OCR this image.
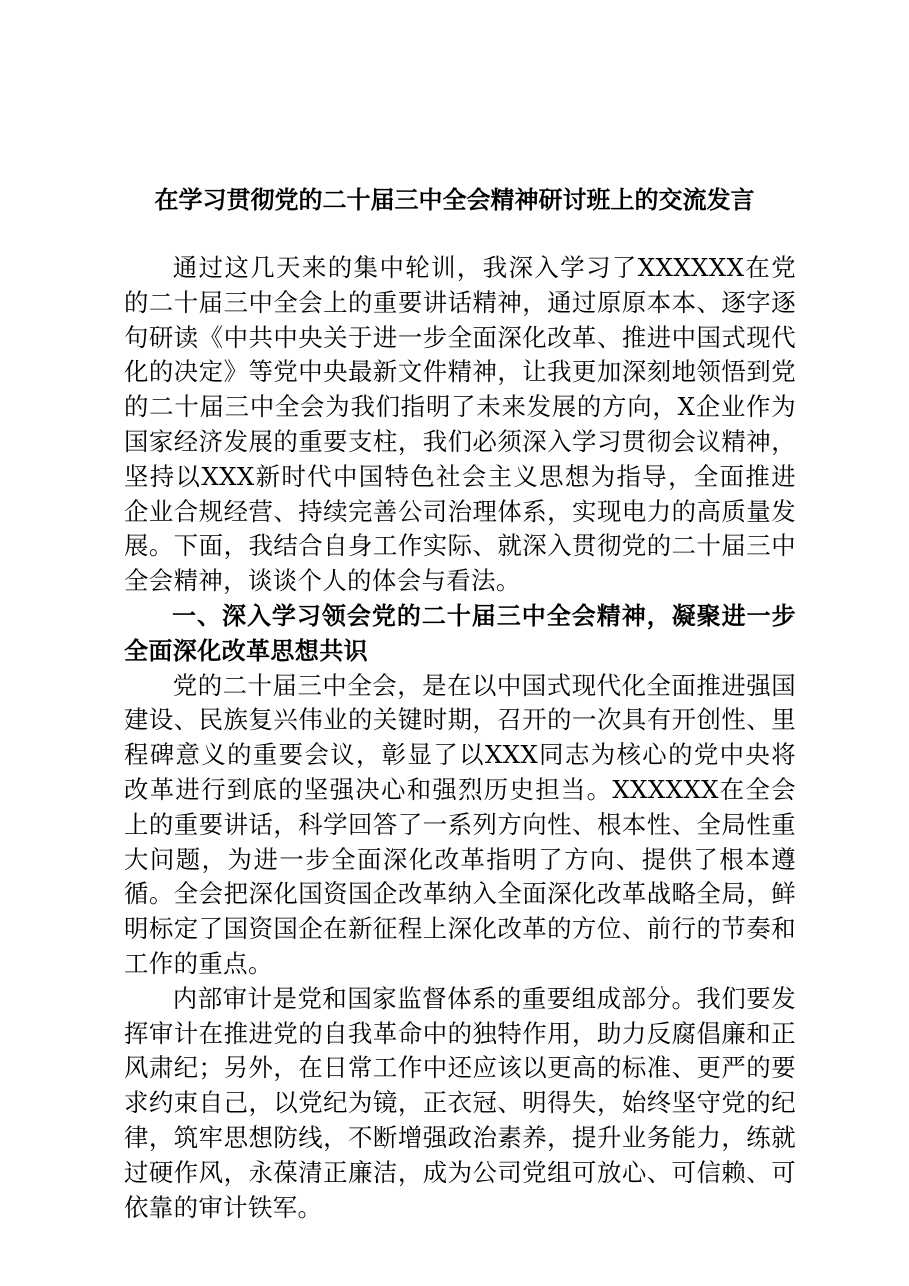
在学习贯彻党的二十届三中全会精神研讨班上的交流发言

通过这几天来的集中轮训，我深入学习了XXXXXX在党的二十届三中全会上的重要讲话精神，通过原原本本、逐字逐句研读《中共中央关于进一步全面深化改革、推进中国式现代化的决定》等党中央最新文件精神，让我更加深刻地领悟到党的二十届三中全会为我们指明了未来发展的方向，X企业作为国家经济发展的重要支柱，我们必须深入学习贯彻会议精神，坚持以XXX新时代中国特色社会主义思想为指导，全面推进企业合规经营、持续完善公司治理体系，实现电力的高质量发展。下面，我结合自身工作实际、就深入贯彻党的二十届三中全会精神，谈谈个人的体会与看法。

一、深入学习领会党的二十届三中全会精神，凝聚进一步全面深化改革思想共识

党的二十届三中全会，是在以中国式现代化全面推进强国建设、民族复兴伟业的关键时期，召开的一次具有开创性、里程碑意义的重要会议，彰显了以XXX同志为核心的党中央将改革进行到底的坚强决心和强烈历史担当。XXXXXX在全会上的重要讲话，科学回答了一系列方向性、根本性、全局性重大问题，为进一步全面深化改革指明了方向、提供了根本遵循。全会把深化国资国企改革纳入全面深化改革战略全局，鲜明标定了国资国企在新征程上深化改革的方位、前行的节奏和工作的重点。

内部审计是党和国家监督体系的重要组成部分。我们要发挥审计在推进党的自我革命中的独特作用，助力反腐倡廉和正风肃纪；另外，在日常工作中还应该以更高的标准、更严的要求约束自己，以党纪为镜，正衣冠、明得失，始终坚守党的纪律，筑牢思想防线，不断增强政治素养，提升业务能力，练就过硬作风，永葆清正廉洁，成为公司党组可放心、可信赖、可依靠的审计铁军。
